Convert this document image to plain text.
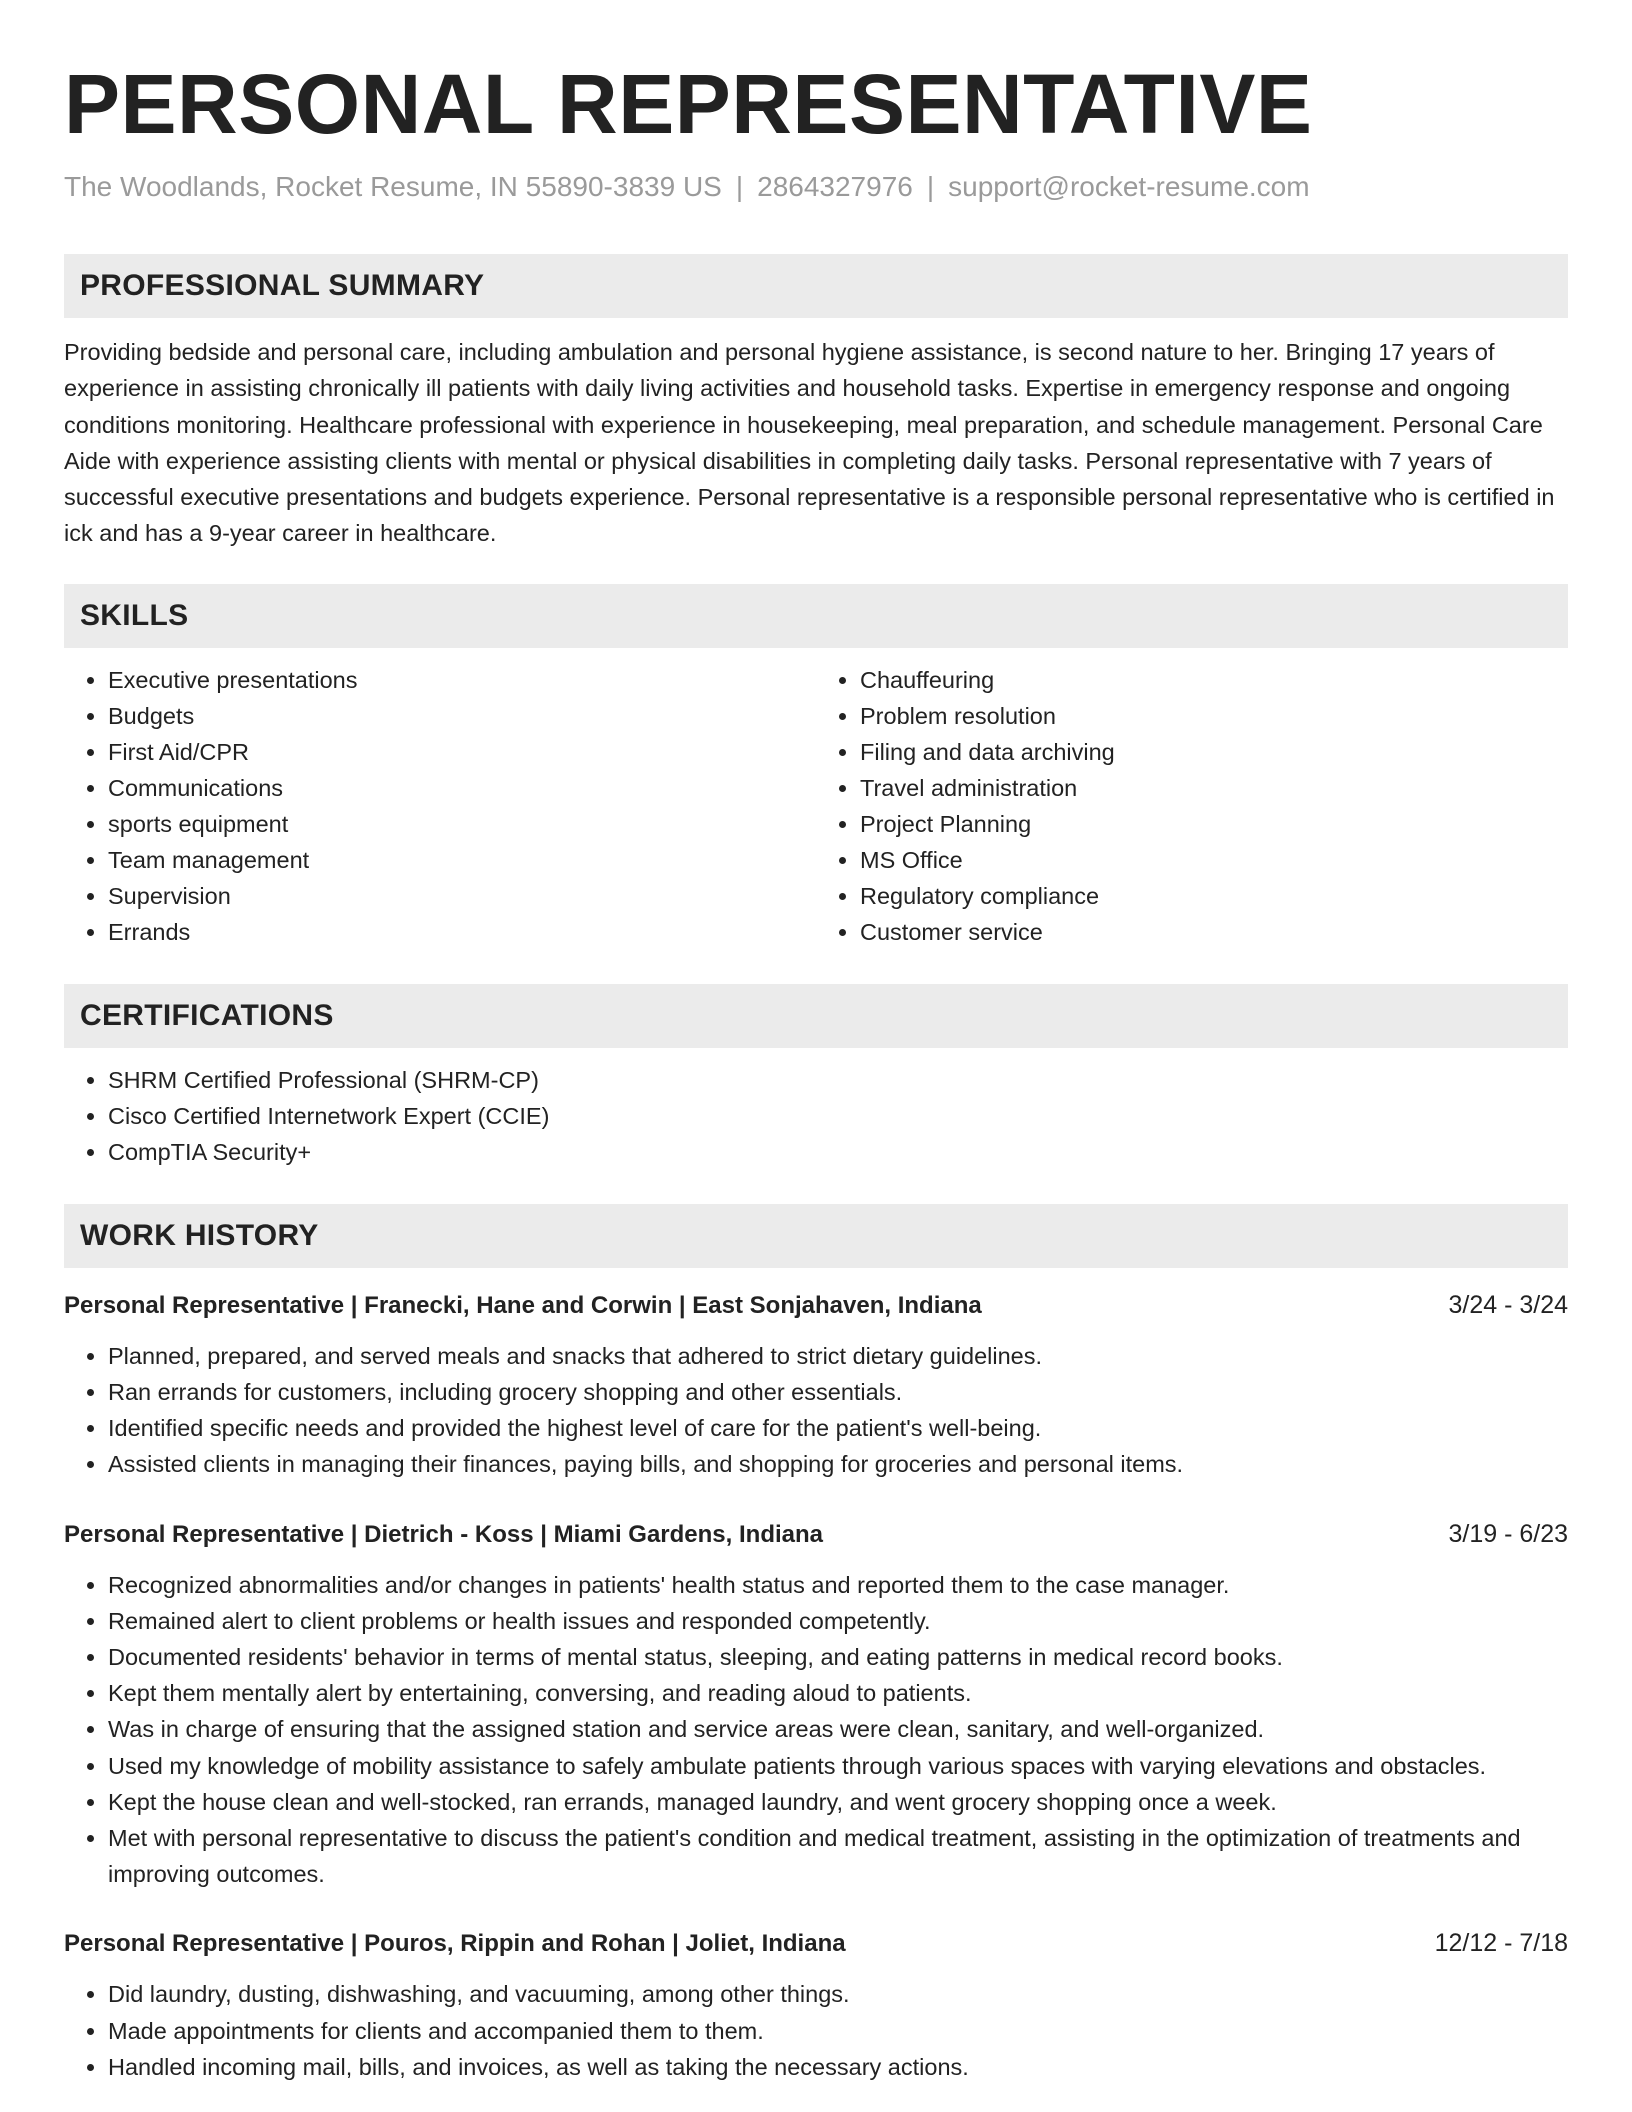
PERSONAL REPRESENTATIVE
The Woodlands, Rocket Resume, IN 55890-3839 US | 2864327976 | support@rocket-resume.com
PROFESSIONAL SUMMARY
Providing bedside and personal care, including ambulation and personal hygiene assistance, is second nature to her. Bringing 17 years of experience in assisting chronically ill patients with daily living activities and household tasks. Expertise in emergency response and ongoing conditions monitoring. Healthcare professional with experience in housekeeping, meal preparation, and schedule management. Personal Care Aide with experience assisting clients with mental or physical disabilities in completing daily tasks. Personal representative with 7 years of successful executive presentations and budgets experience. Personal representative is a responsible personal representative who is certified in ick and has a 9-year career in healthcare.
SKILLS
• Executive presentations
• Budgets
• First Aid/CPR
• Communications
• sports equipment
• Team management
• Supervision
• Errands
• Chauffeuring
• Problem resolution
• Filing and data archiving
• Travel administration
• Project Planning
• MS Office
• Regulatory compliance
• Customer service
CERTIFICATIONS
• SHRM Certified Professional (SHRM-CP)
• Cisco Certified Internetwork Expert (CCIE)
• CompTIA Security+
WORK HISTORY
Personal Representative | Franecki, Hane and Corwin | East Sonjahaven, Indiana	3/24 - 3/24
• Planned, prepared, and served meals and snacks that adhered to strict dietary guidelines.
• Ran errands for customers, including grocery shopping and other essentials.
• Identified specific needs and provided the highest level of care for the patient's well-being.
• Assisted clients in managing their finances, paying bills, and shopping for groceries and personal items.
Personal Representative | Dietrich - Koss | Miami Gardens, Indiana	3/19 - 6/23
• Recognized abnormalities and/or changes in patients' health status and reported them to the case manager.
• Remained alert to client problems or health issues and responded competently.
• Documented residents' behavior in terms of mental status, sleeping, and eating patterns in medical record books.
• Kept them mentally alert by entertaining, conversing, and reading aloud to patients.
• Was in charge of ensuring that the assigned station and service areas were clean, sanitary, and well-organized.
• Used my knowledge of mobility assistance to safely ambulate patients through various spaces with varying elevations and obstacles.
• Kept the house clean and well-stocked, ran errands, managed laundry, and went grocery shopping once a week.
• Met with personal representative to discuss the patient's condition and medical treatment, assisting in the optimization of treatments and improving outcomes.
Personal Representative | Pouros, Rippin and Rohan | Joliet, Indiana	12/12 - 7/18
• Did laundry, dusting, dishwashing, and vacuuming, among other things.
• Made appointments for clients and accompanied them to them.
• Handled incoming mail, bills, and invoices, as well as taking the necessary actions.
